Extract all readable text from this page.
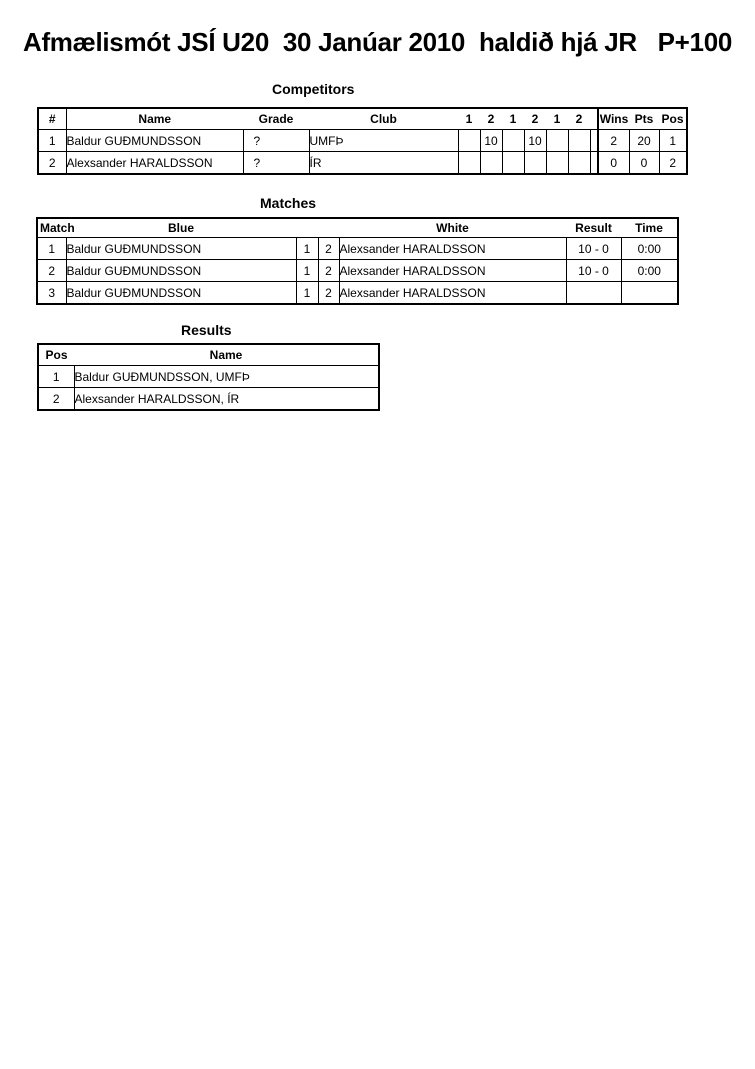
Afmælismót JSÍ U20  30 Janúar 2010  haldið hjá JR   P+100
Competitors
#	Name	Grade	Club	1	2	1	2	1	2		Wins	Pts	Pos
1	Baldur GUÐMUNDSSON	?	UMFÞ		10		10				2	20	1
2	Alexsander HARALDSSON	?	ÍR								0	0	2
Matches
Match	Blue			White	Result	Time
1	Baldur GUÐMUNDSSON	1	2	Alexsander HARALDSSON	10 - 0	0:00
2	Baldur GUÐMUNDSSON	1	2	Alexsander HARALDSSON	10 - 0	0:00
3	Baldur GUÐMUNDSSON	1	2	Alexsander HARALDSSON		
Results
Pos	Name
1	Baldur GUÐMUNDSSON, UMFÞ
2	Alexsander HARALDSSON, ÍR
